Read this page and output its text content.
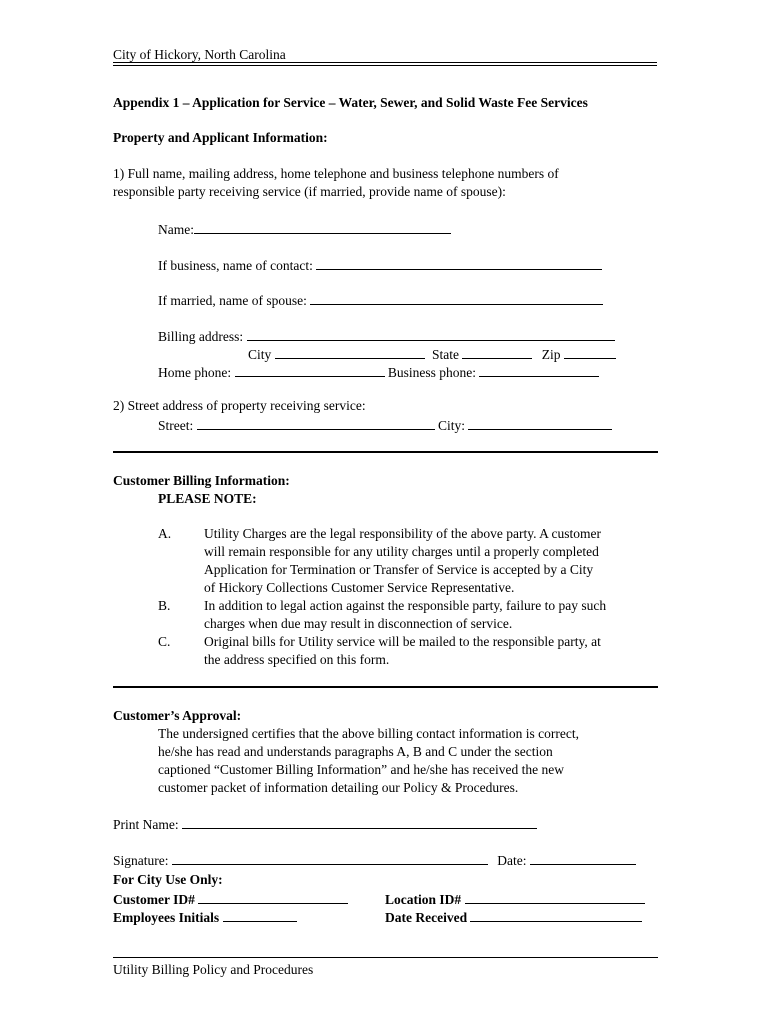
City of Hickory, North Carolina
Appendix 1 – Application for Service – Water, Sewer, and Solid Waste Fee Services
Property and Applicant Information:
1) Full name, mailing address, home telephone and business telephone numbers of
responsible party receiving service (if married, provide name of spouse):
Name:
If business, name of contact:
If married, name of spouse:
Billing address:
City	State	Zip
Home phone:	Business phone:
2) Street address of property receiving service:
Street:	City:
Customer Billing Information:
PLEASE NOTE:
A. Utility Charges are the legal responsibility of the above party. A customer
will remain responsible for any utility charges until a properly completed
Application for Termination or Transfer of Service is accepted by a City
of Hickory Collections Customer Service Representative.
B. In addition to legal action against the responsible party, failure to pay such
charges when due may result in disconnection of service.
C. Original bills for Utility service will be mailed to the responsible party, at
the address specified on this form.
Customer’s Approval:
The undersigned certifies that the above billing contact information is correct,
he/she has read and understands paragraphs A, B and C under the section
captioned “Customer Billing Information” and he/she has received the new
customer packet of information detailing our Policy & Procedures.
Print Name:
Signature:	Date:
For City Use Only:
Customer ID#	Location ID#
Employees Initials	Date Received
Utility Billing Policy and Procedures
